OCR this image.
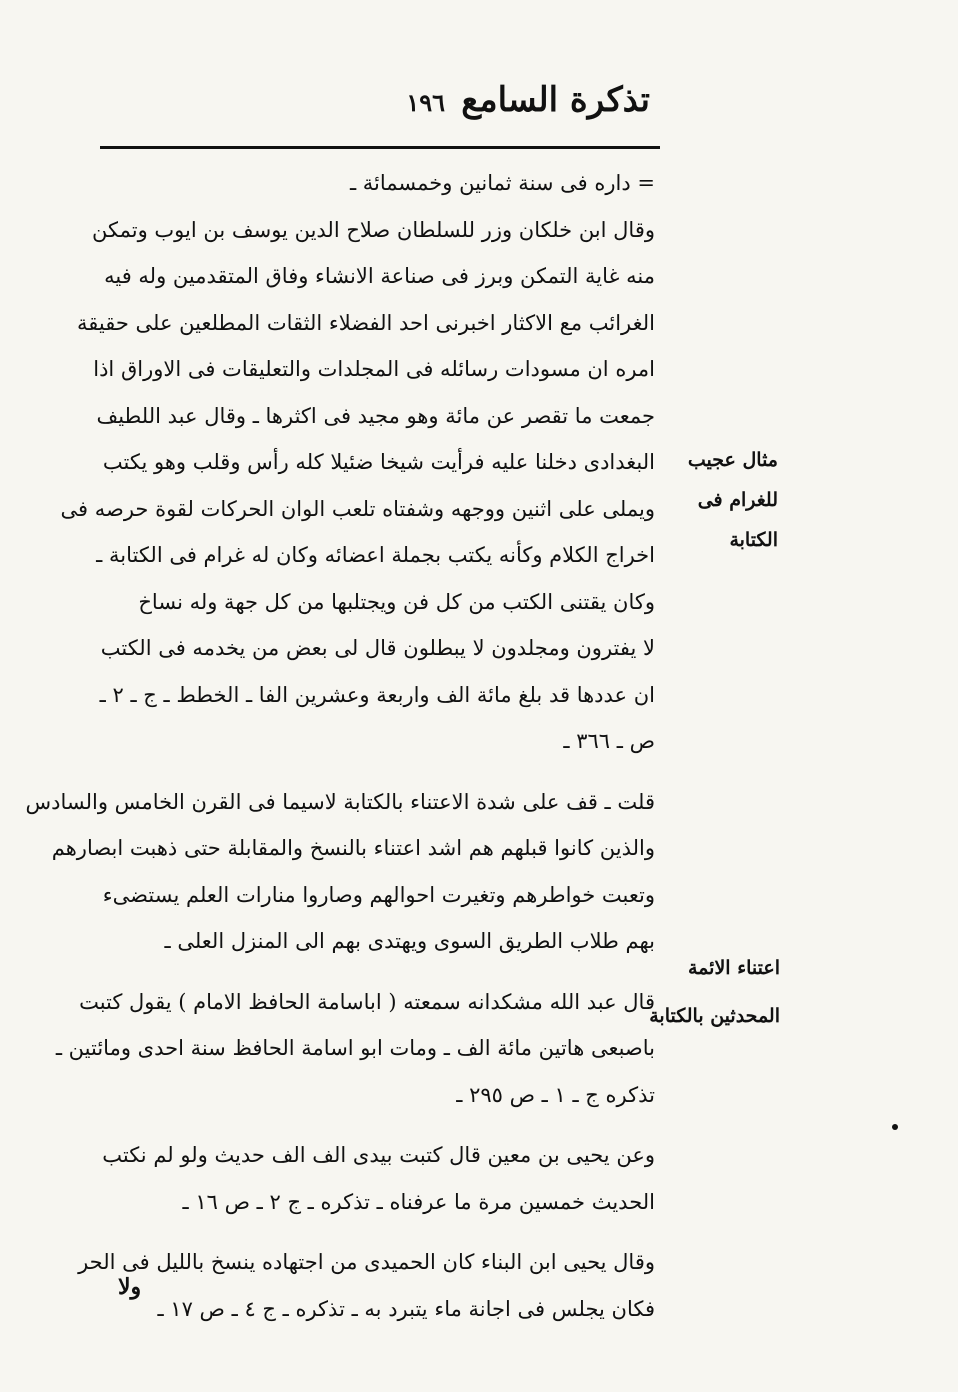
تذكرة السامع
١٩٦
= داره فى سنة ثمانين وخمسمائة ـ
وقال ابن خلكان وزر للسلطان صلاح الدين يوسف بن ايوب وتمكن
منه غاية التمكن وبرز فى صناعة الانشاء وفاق المتقدمين وله فيه
الغرائب مع الاكثار اخبرنى احد الفضلاء الثقات المطلعين على حقيقة
امره ان مسودات رسائله فى المجلدات والتعليقات فى الاوراق اذا
جمعت ما تقصر عن مائة وهو مجيد فى اكثرها ـ وقال عبد اللطيف
البغدادى دخلنا عليه فرأيت شيخا ضئيلا كله رأس وقلب وهو يكتب
ويملى على اثنين ووجهه وشفتاه تلعب الوان الحركات لقوة حرصه فى
اخراج الكلام وكأنه يكتب بجملة اعضائه وكان له غرام فى الكتابة ـ
وكان يقتنى الكتب من كل فن ويجتلبها من كل جهة وله نساخ
لا يفترون ومجلدون لا يبطلون قال لى بعض من يخدمه فى الكتب
ان عددها قد بلغ مائة الف واربعة وعشرين الفا ـ الخطط ـ ج ـ ٢ ـ
ص ـ ٣٦٦ ـ
قلت ـ قف على شدة الاعتناء بالكتابة لاسيما فى القرن الخامس والسادس
والذين كانوا قبلهم هم اشد اعتناء بالنسخ والمقابلة حتى ذهبت ابصارهم
وتعبت خواطرهم وتغيرت احوالهم وصاروا منارات العلم يستضىء
بهم طلاب الطريق السوى ويهتدى بهم الى المنزل العلى ـ
قال عبد الله مشكدانه سمعته ( اباسامة الحافظ الامام ) يقول كتبت
باصبعى هاتين مائة الف ـ ومات ابو اسامة الحافظ سنة احدى ومائتين ـ
تذكره ج ـ ١ ـ ص ٢٩٥ ـ
وعن يحيى بن معين قال كتبت بيدى الف الف حديث ولو لم نكتب
الحديث خمسين مرة ما عرفناه ـ تذكره ـ ج ٢ ـ ص ١٦ ـ
وقال يحيى ابن البناء كان الحميدى من اجتهاده ينسخ بالليل فى الحر
فكان يجلس فى اجانة ماء يتبرد به ـ تذكره ـ ج ٤ ـ ص ١٧ ـ
مثال عجيب
للغرام فى
الكتابة
اعتناء الائمة
المحدثين بالكتابة
ولا
